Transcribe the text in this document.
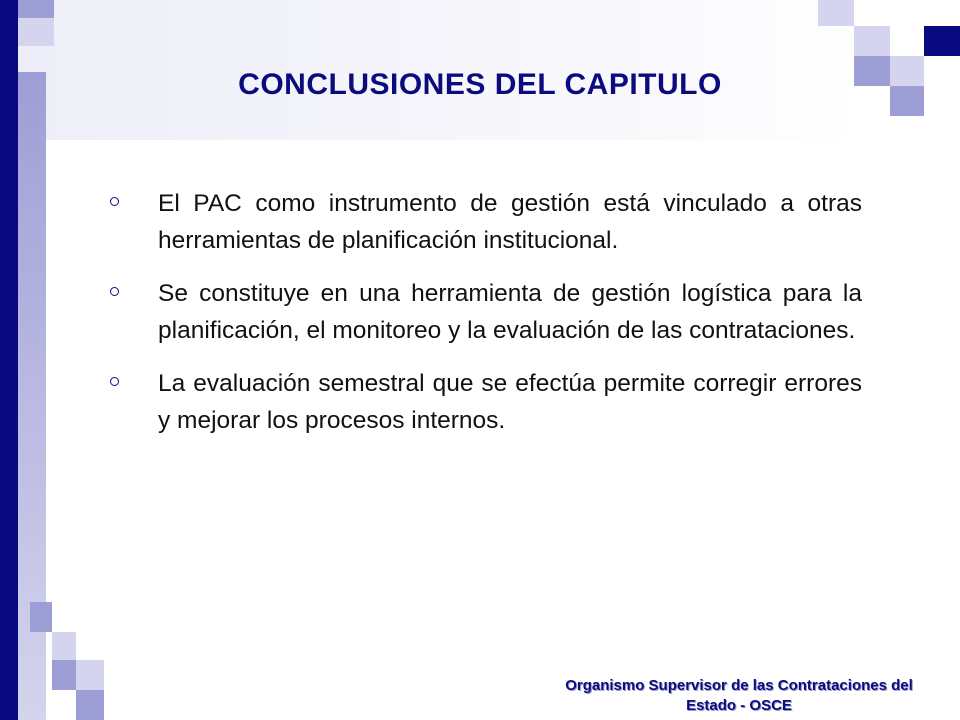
CONCLUSIONES DEL CAPITULO
El PAC como instrumento de gestión está vinculado a otras herramientas de planificación institucional.
Se constituye en una herramienta de gestión logística para la planificación, el monitoreo y la evaluación de las contrataciones.
La evaluación semestral que se efectúa permite corregir errores y mejorar los procesos internos.
Organismo Supervisor de las Contrataciones del
Estado - OSCE
